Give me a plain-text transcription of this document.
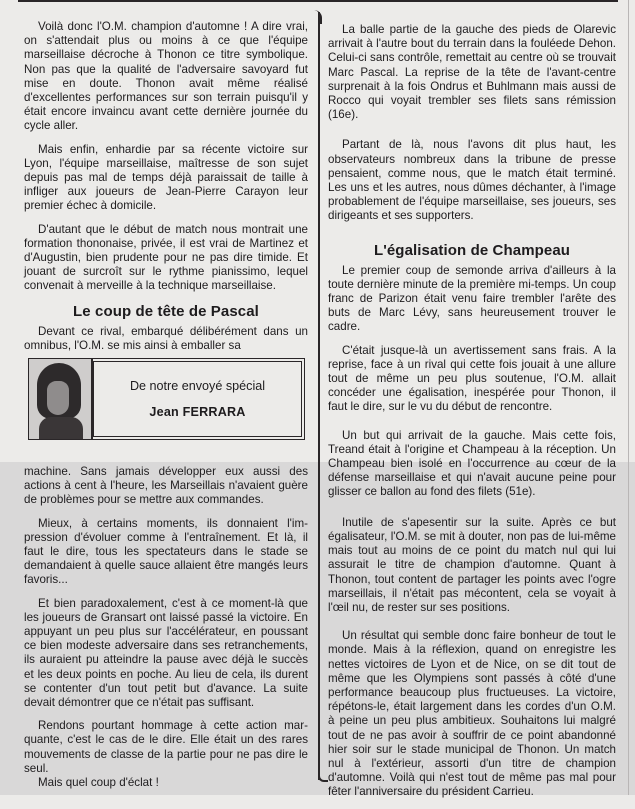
Voilà donc l'O.M. champion d'automne ! A dire vrai, on s'attendait plus ou moins à ce que l'équipe marseillaise décroche à Thonon ce titre symbolique. Non pas que la qualité de l'adversaire savoyard fut mise en doute. Thonon avait même réalisé d'excellentes performances sur son terrain puisqu'il y était encore invaincu avant cette dernière journée du cycle aller.

Mais enfin, enhardie par sa récente victoire sur Lyon, l'équipe marseillaise, maîtresse de son sujet depuis pas mal de temps déjà paraissait de taille à infliger aux joueurs de Jean-Pierre Carayon leur premier échec à domicile.

D'autant que le début de match nous montrait une formation thononaise, privée, il est vrai de Martinez et d'Augustin, bien prudente pour ne pas dire timide. Et jouant de surcroît sur le rythme pianissimo, lequel convenait à merveille à la technique marseillaise.

Le coup de tête de Pascal

Devant ce rival, embarqué délibérément dans un omnibus, l'O.M. se mis ainsi à emballer sa

De notre envoyé spécial
Jean FERRARA

machine. Sans jamais développer eux aussi des actions à cent à l'heure, les Marseillais n'avaient guère de problèmes pour se mettre aux commandes.

Mieux, à certains moments, ils donnaient l'impression d'évoluer comme à l'entraînement. Et là, il faut le dire, tous les spectateurs dans le stade se demandaient à quelle sauce allaient être mangés leurs favoris...

Et bien paradoxalement, c'est à ce moment-là que les joueurs de Gransart ont laissé passé la victoire. En appuyant un peu plus sur l'accélérateur, en poussant ce bien modeste adversaire dans ses retranchements, ils auraient pu atteindre la pause avec déjà le succès et les deux points en poche. Au lieu de cela, ils durent se contenter d'un tout petit but d'avance. La suite devait démontrer que ce n'était pas suffisant.

Rendons pourtant hommage à cette action marquante, c'est le cas de le dire. Elle était un des rares mouvements de classe de la partie pour ne pas dire le seul.

Mais quel coup d'éclat !

La balle partie de la gauche des pieds de Olarevic arrivait à l'autre bout du terrain dans la fouléede Dehon. Celui-ci sans contrôle, remettait au centre où se trouvait Marc Pascal. La reprise de la tête de l'avant-centre surprenait à la fois Ondrus et Buhlmann mais aussi de Rocco qui voyait trembler ses filets sans rémission (16e).

Partant de là, nous l'avons dit plus haut, les observateurs nombreux dans la tribune de presse pensaient, comme nous, que le match était terminé. Les uns et les autres, nous dûmes déchanter, à l'image probablement de l'équipe marseillaise, ses joueurs, ses dirigeants et ses supporters.

L'égalisation de Champeau

Le premier coup de semonde arriva d'ailleurs à la toute dernière minute de la première mi-temps. Un coup franc de Parizon était venu faire trembler l'arête des buts de Marc Lévy, sans heureusement trouver le cadre.

C'était jusque-là un avertissement sans frais. A la reprise, face à un rival qui cette fois jouait à une allure tout de même un peu plus soutenue, l'O.M. allait concéder une égalisation, inespérée pour Thonon, il faut le dire, sur le vu du début de rencontre.

Un but qui arrivait de la gauche. Mais cette fois, Treand était à l'origine et Champeau à la réception. Un Champeau bien isolé en l'occurrence au cœur de la défense marseillaise et qui n'avait aucune peine pour glisser ce ballon au fond des filets (51e).

Inutile de s'apesentir sur la suite. Après ce but égalisateur, l'O.M. se mit à douter, non pas de lui-même mais tout au moins de ce point du match nul qui lui assurait le titre de champion d'automne. Quant à Thonon, tout content de partager les points avec l'ogre marseillais, il n'était pas mécontent, cela se voyait à l'œil nu, de rester sur ses positions.

Un résultat qui semble donc faire bonheur de tout le monde. Mais à la réflexion, quand on enregistre les nettes victoires de Lyon et de Nice, on se dit tout de même que les Olympiens sont passés à côté d'une performance beaucoup plus fructueuses. La victoire, répétons-le, était largement dans les cordes d'un O.M. à peine un peu plus ambitieux. Souhaitons lui malgré tout de ne pas avoir à souffrir de ce point abandonné hier soir sur le stade municipal de Thonon. Un match nul à l'extérieur, assorti d'un titre de champion d'automne. Voilà qui n'est tout de même pas mal pour fêter l'anniversaire du président Carrieu.
